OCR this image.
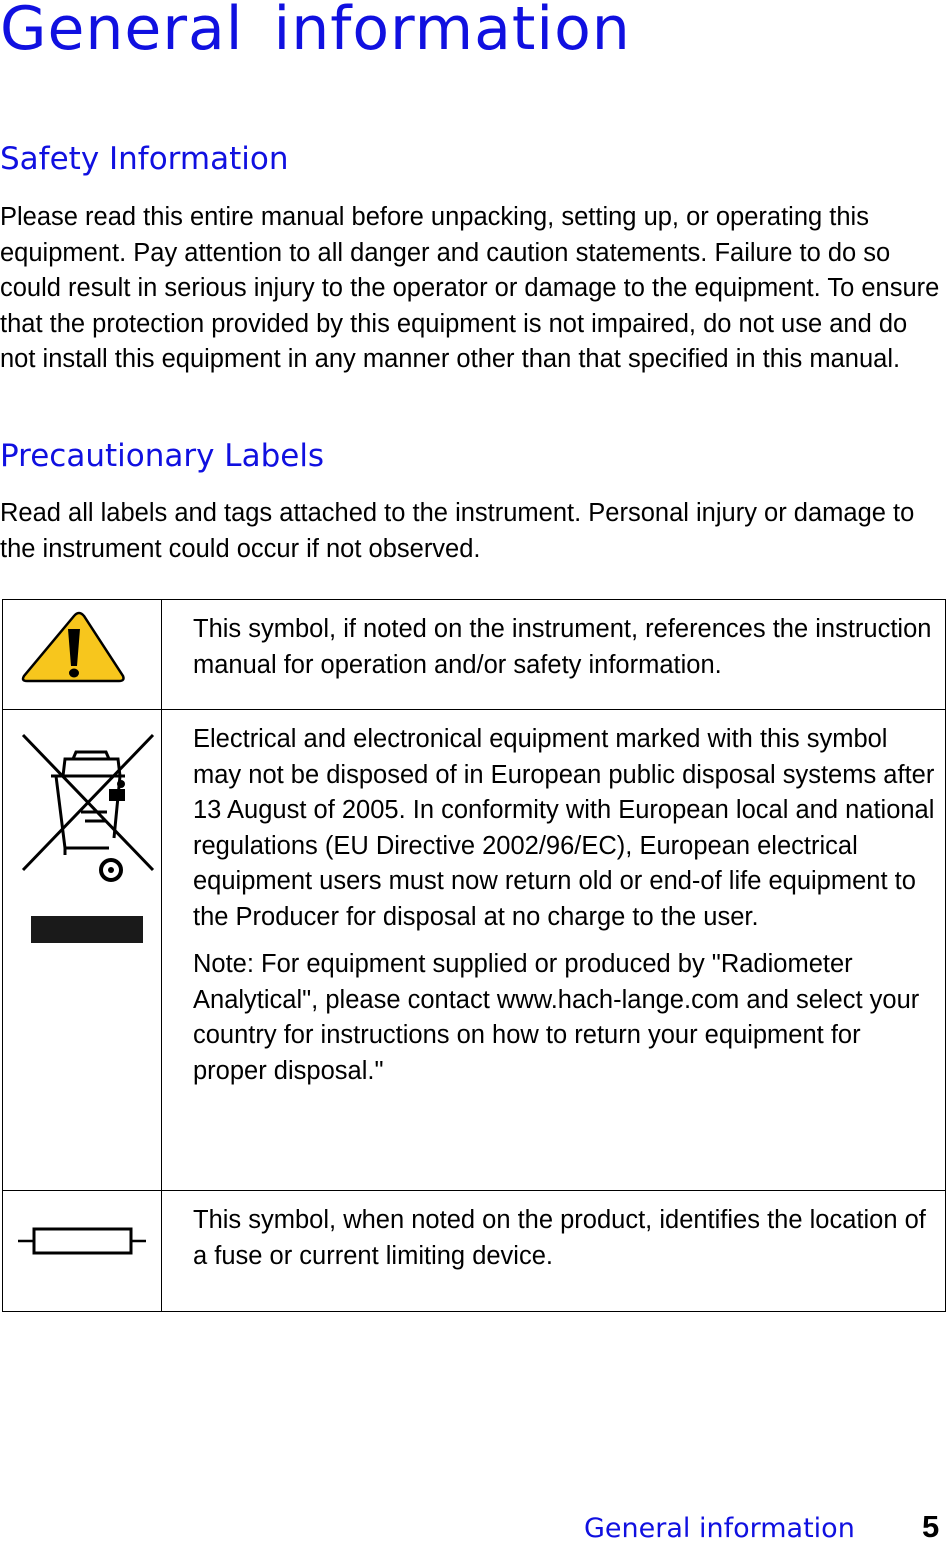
General information
Safety Information

Please read this entire manual before unpacking, setting up, or operating this equipment. Pay attention to all danger and caution statements. Failure to do so could result in serious injury to the operator or damage to the equipment. To ensure that the protection provided by this equipment is not impaired, do not use and do not install this equipment in any manner other than that specified in this manual.

Precautionary Labels

Read all labels and tags attached to the instrument. Personal injury or damage to the instrument could occur if not observed.

This symbol, if noted on the instrument, references the instruction manual for operation and/or safety information.

Electrical and electronical equipment marked with this symbol may not be disposed of in European public disposal systems after 13 August of 2005. In conformity with European local and national regulations (EU Directive 2002/96/EC), European electrical equipment users must now return old or end-of life equipment to the Producer for disposal at no charge to the user.

Note: For equipment supplied or produced by "Radiometer Analytical", please contact www.hach-lange.com and select your country for instructions on how to return your equipment for proper disposal."

This symbol, when noted on the product, identifies the location of a fuse or current limiting device.

General information 5
